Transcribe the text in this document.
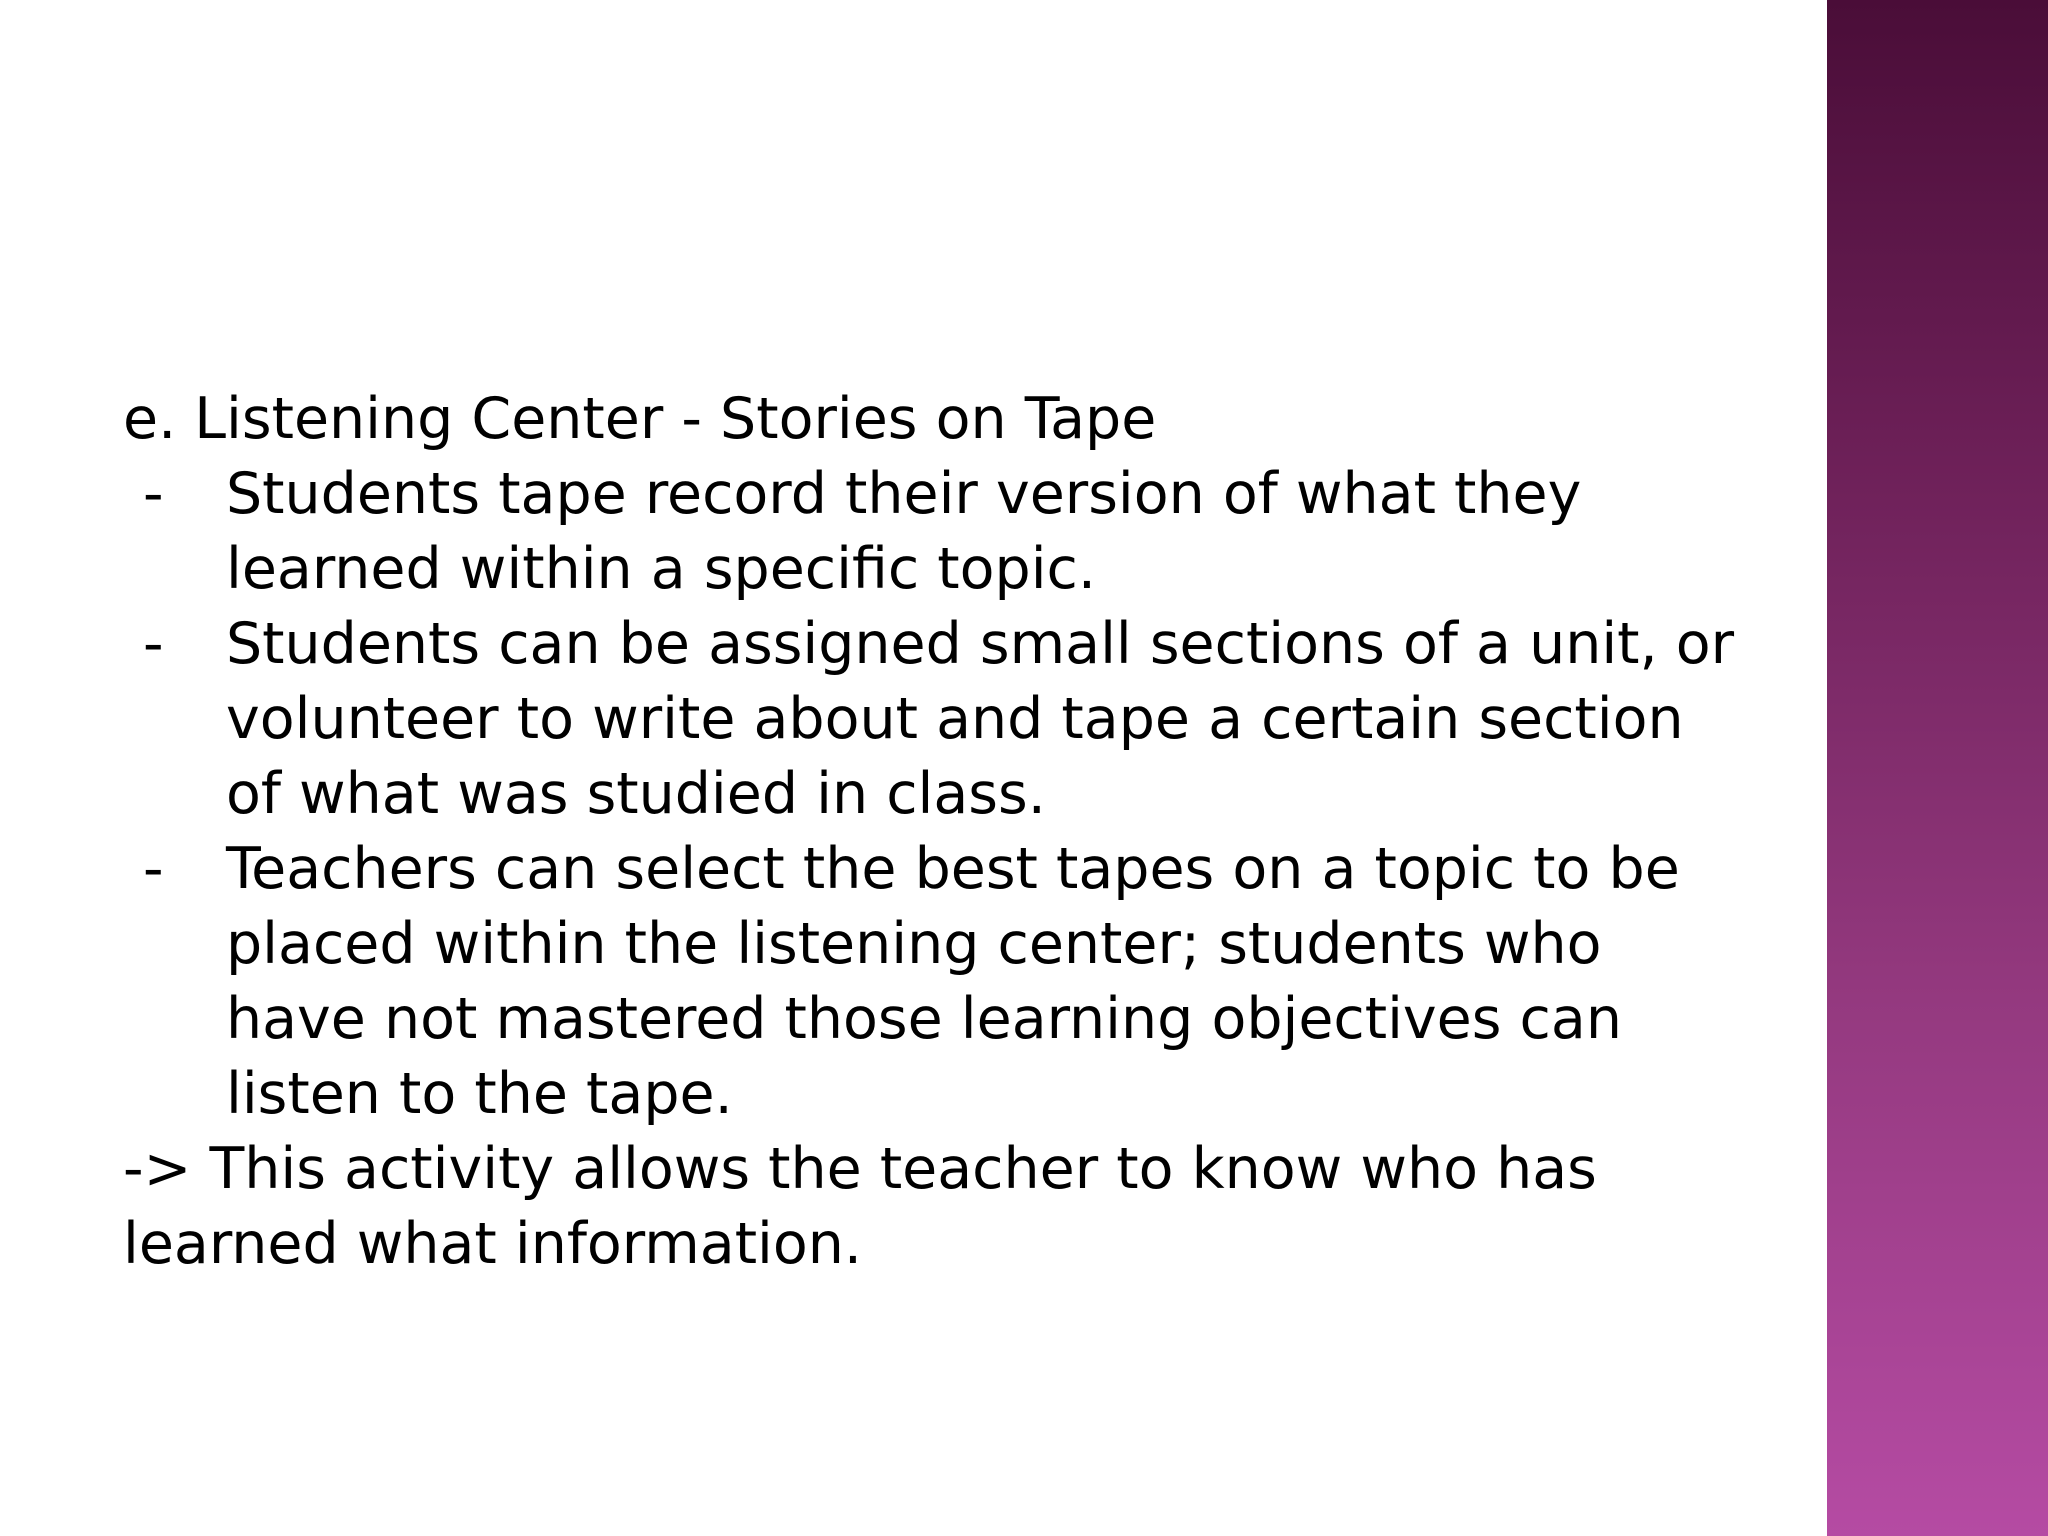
e. Listening Center - Stories on Tape
- Students tape record their version of what they learned within a specific topic.
- Students can be assigned small sections of a unit, or volunteer to write about and tape a certain section of what was studied in class.
- Teachers can select the best tapes on a topic to be placed within the listening center; students who have not mastered those learning objectives can listen to the tape.
-> This activity allows the teacher to know who has learned what information.
